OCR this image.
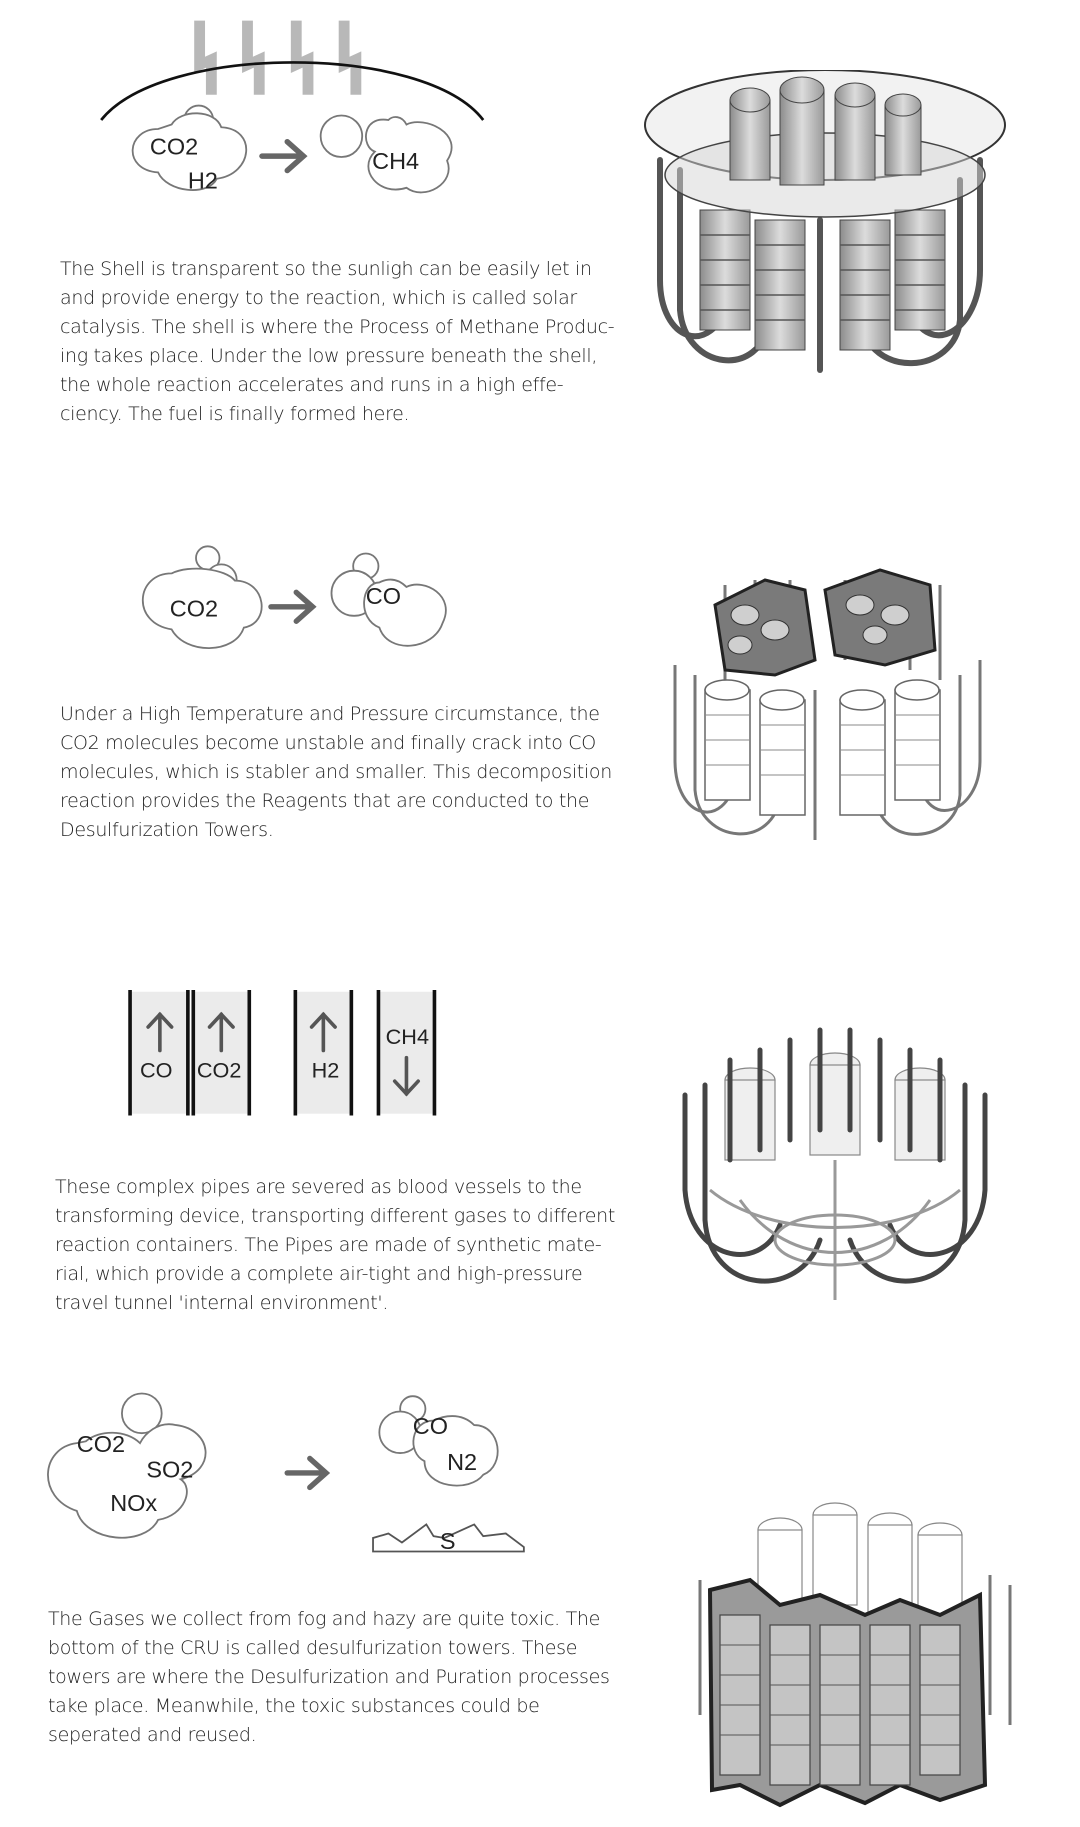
CO2
H2
CH4
The Shell is transparent so the sunligh can be easily let in
and provide energy to the reaction, which is called solar
catalysis. The shell is where the Process of Methane Produc-
ing takes place. Under the low pressure beneath the shell,
the whole reaction accelerates and runs in a high effe-
ciency. The fuel is finally formed here.
CO2	CO
Under a High Temperature and Pressure circumstance, the
CO2 molecules become unstable and finally crack into CO
molecules, which is stabler and smaller. This decomposition
reaction provides the Reagents that are conducted to the
Desulfurization Towers.
CO CO2	H2
CH4
These complex pipes are severed as blood vessels to the
transforming device, transporting different gases to different
reaction containers. The Pipes are made of synthetic mate-
rial, which provide a complete air-tight and high-pressure
travel tunnel 'internal environment'.
CO2
SO2
NOx
CO
N2
S
The Gases we collect from fog and hazy are quite toxic. The
bottom of the CRU is called desulfurization towers. These
towers are where the Desulfurization and Puration processes
take place. Meanwhile, the toxic substances could be
seperated and reused.
